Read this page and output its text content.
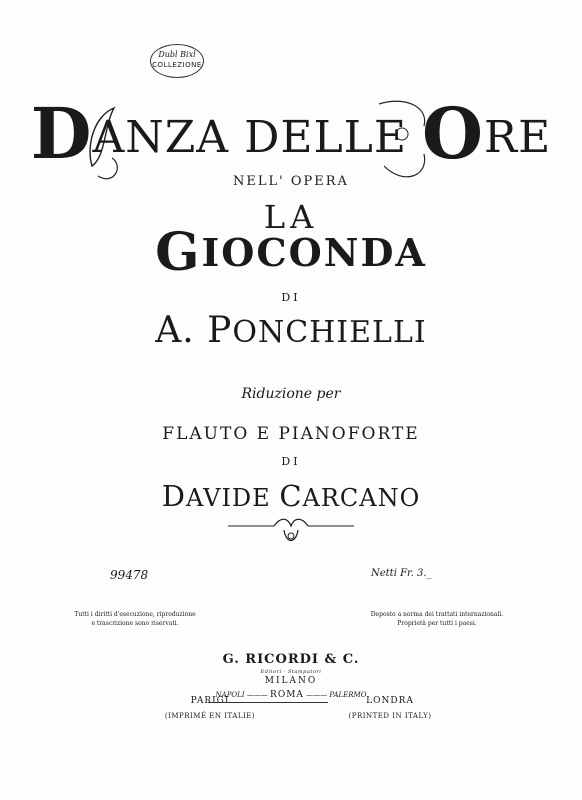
Dubl Bixl
COLLEZIONE
DANZA DELLE ORE
NELL' OPERA
LA
GIOCONDA
DI
A. PONCHIELLI
Riduzione per
FLAUTO E PIANOFORTE
DI
DAVIDE CARCANO
99478	Netti Fr. 3._
Tutti i diritti d'esecuzione, riproduzione
e trascrizione sono riservati.
Deposto a norma dei trattati internazionali.
Proprietà per tutti i paesi.
G. RICORDI & C.
Editori - Stampatori
MILANO
NAPOLI ——— ROMA ——— PALERMO
PARIGI	LONDRA
(IMPRIMÉ EN ITALIE)	(PRINTED IN ITALY)
